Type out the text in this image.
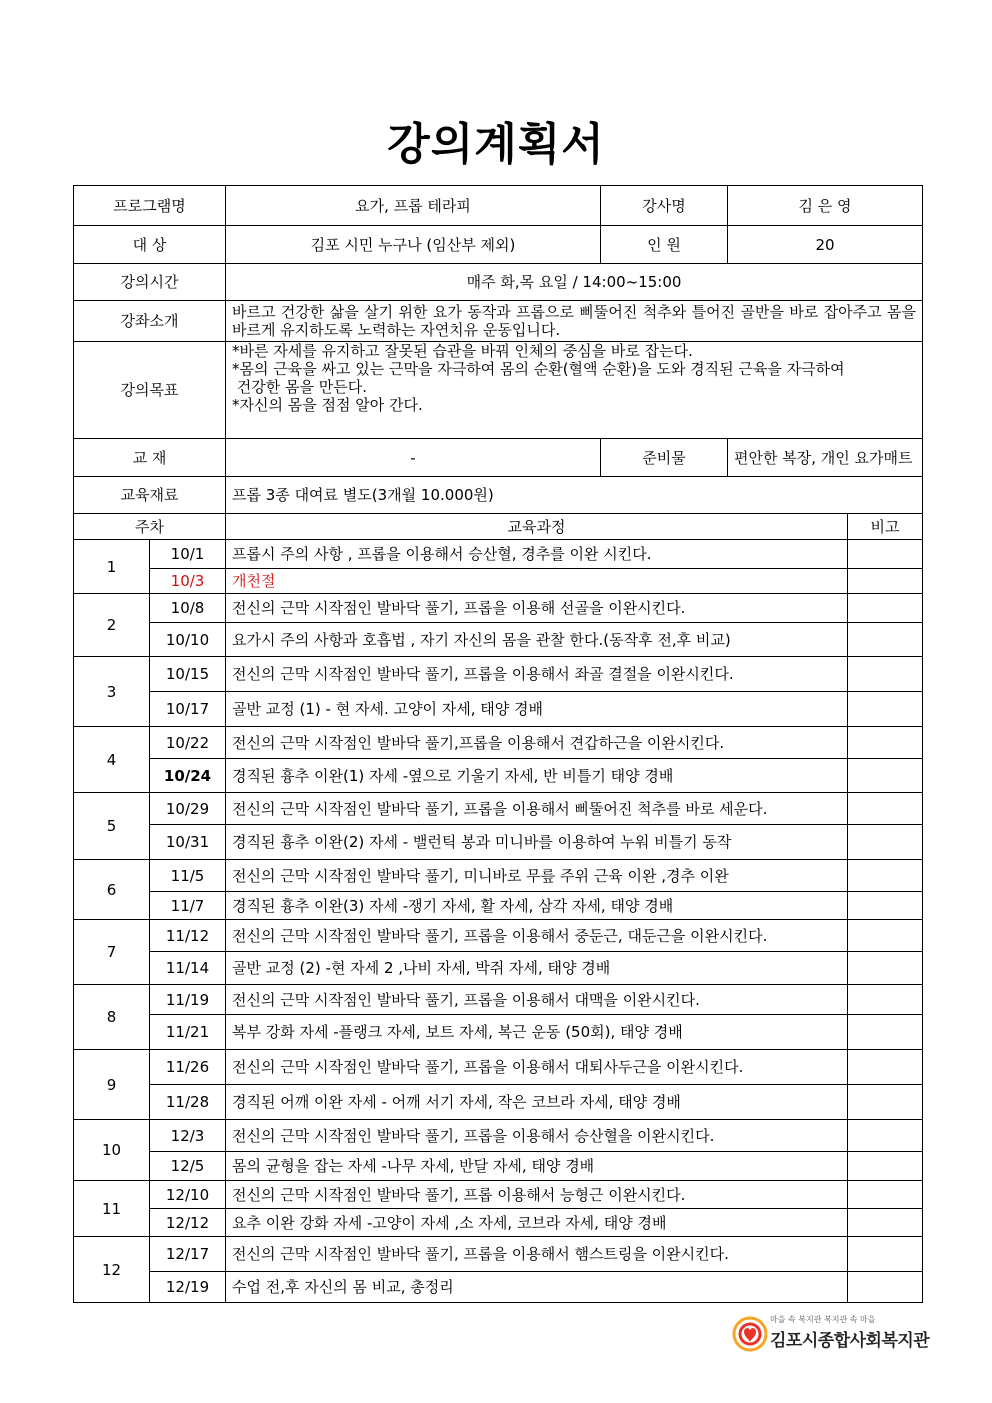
강의계획서
프로그램명		요가, 프롭 테라피	강사명	김 은 영	
대 상		김포 시민 누구나 (임산부 제외)	인 원	20	
강의시간		매주 화,목 요일 / 14:00~15:00			
강좌소개		바르고 건강한 삶을 살기 위한 요가 동작과 프롭으로 삐뚤어진 척추와 틀어진 골반을 바로 잡아주고 몸을 바르게 유지하도록 노력하는 자연치유 운동입니다.			
강의목표		*바른 자세를 유지하고 잘못된 습관을 바꿔 인체의 중심을 바로 잡는다.
*몸의 근육을 싸고 있는 근막을 자극하여 몸의 순환(혈액 순환)을 도와 경직된 근육을 자극하여
건강한 몸을 만든다.
*자신의 몸을 점점 알아 간다.			

교 재		-	준비물	편안한 복장, 개인 요가매트	
교육재료		프롭 3종 대여료 별도(3개월 10.000원)			
주차		교육과정			비고
1	10/1	프롭시 주의 사항 , 프롭을 이용해서 승산혈, 경추를 이완 시킨다.			
	10/3	개천절			
2	10/8	전신의 근막 시작점인 발바닥 풀기, 프롭을 이용해 선골을 이완시킨다.			
	10/10	요가시 주의 사항과 호흡법 , 자기 자신의 몸을 관찰 한다.(동작후 전,후 비교)			
3	10/15	전신의 근막 시작점인 발바닥 풀기, 프롭을 이용해서 좌골 결절을 이완시킨다.			
	10/17	골반 교정 (1) - 현 자세. 고양이 자세, 태양 경배			
4	10/22	전신의 근막 시작점인 발바닥 풀기,프롭을 이용해서 견갑하근을 이완시킨다.			
	10/24	경직된 흉추 이완(1) 자세 -옆으로 기울기 자세, 반 비틀기 태양 경배			
5	10/29	전신의 근막 시작점인 발바닥 풀기, 프롭을 이용해서 삐뚤어진 척추를 바로 세운다.			
	10/31	경직된 흉추 이완(2) 자세 - 밸런틱 봉과 미니바를 이용하여 누워 비틀기 동작			
6	11/5	전신의 근막 시작점인 발바닥 풀기, 미니바로 무릎 주위 근육 이완 ,경추 이완			
	11/7	경직된 흉추 이완(3) 자세 -쟁기 자세, 활 자세, 삼각 자세, 태양 경배			
7	11/12	전신의 근막 시작점인 발바닥 풀기, 프롭을 이용해서 중둔근, 대둔근을 이완시킨다.			
	11/14	골반 교정 (2) -현 자세 2 ,나비 자세, 박쥐 자세, 태양 경배			
8	11/19	전신의 근막 시작점인 발바닥 풀기, 프롭을 이용해서 대맥을 이완시킨다.			
	11/21	복부 강화 자세 -플랭크 자세, 보트 자세, 복근 운동 (50회), 태양 경배			
9	11/26	전신의 근막 시작점인 발바닥 풀기, 프롭을 이용해서 대퇴사두근을 이완시킨다.			
	11/28	경직된 어깨 이완 자세 - 어깨 서기 자세, 작은 코브라 자세, 태양 경배			
10	12/3	전신의 근막 시작점인 발바닥 풀기, 프롭을 이용해서 승산혈을 이완시킨다.			
	12/5	몸의 균형을 잡는 자세 -나무 자세, 반달 자세, 태양 경배			
11	12/10	전신의 근막 시작점인 발바닥 풀기, 프롭 이용해서 능형근 이완시킨다.			
	12/12	요추 이완 강화 자세 -고양이 자세 ,소 자세, 코브라 자세, 태양 경배			
12	12/17	전신의 근막 시작점인 발바닥 풀기, 프롭을 이용해서 햄스트링을 이완시킨다.			
	12/19	수업 전,후 자신의 몸 비교, 총정리			
마을 속 복지관 복지관 속 마을
김포시종합사회복지관
